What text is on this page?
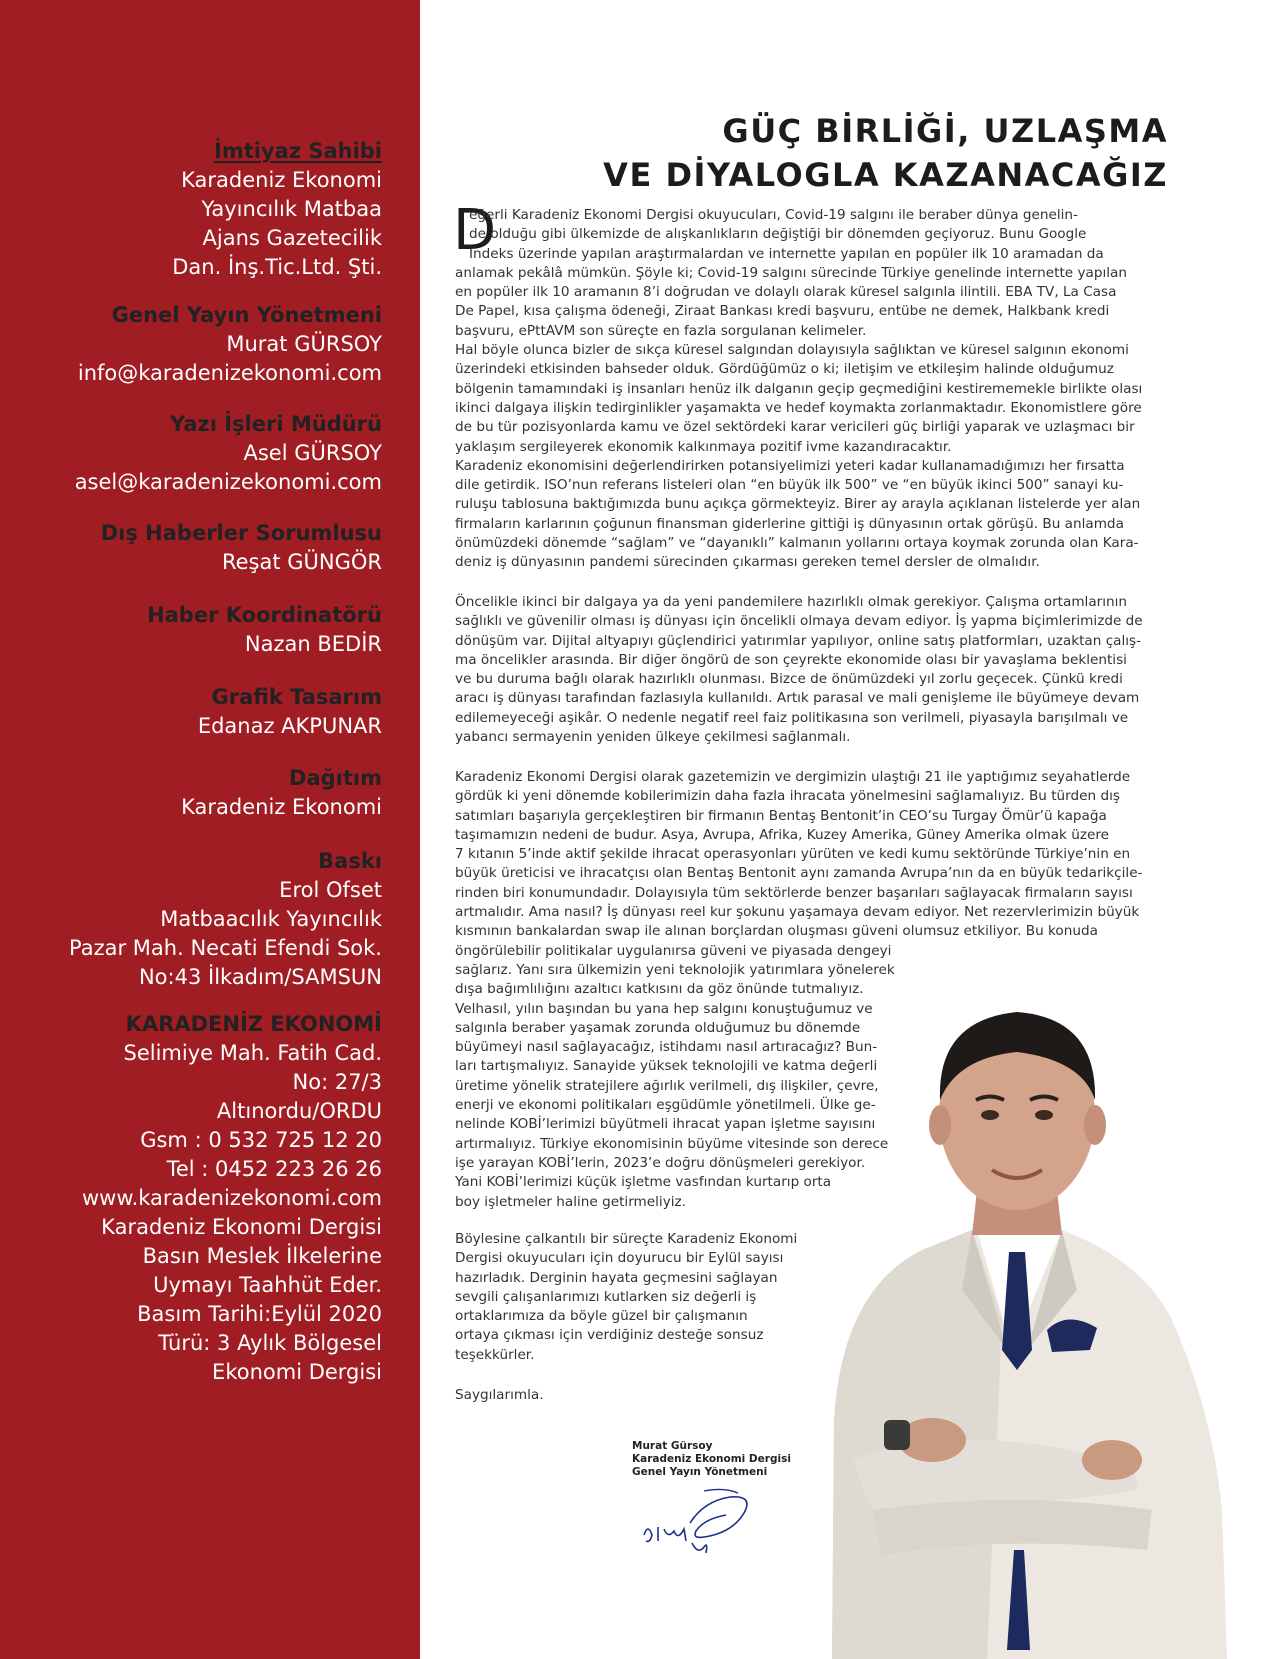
İmtiyaz Sahibi
Karadeniz Ekonomi
Yayıncılık Matbaa
Ajans Gazetecilik
Dan. İnş.Tic.Ltd. Şti.
Genel Yayın Yönetmeni
Murat GÜRSOY
info@karadenizekonomi.com
Yazı İşleri Müdürü
Asel GÜRSOY
asel@karadenizekonomi.com
Dış Haberler Sorumlusu
Reşat GÜNGÖR
Haber Koordinatörü
Nazan BEDİR
Grafik Tasarım
Edanaz AKPUNAR
Dağıtım
Karadeniz Ekonomi
Baskı
Erol Ofset
Matbaacılık Yayıncılık
Pazar Mah. Necati Efendi Sok.
No:43 İlkadım/SAMSUN
KARADENİZ EKONOMİ
Selimiye Mah. Fatih Cad.
No: 27/3
Altınordu/ORDU
Gsm : 0 532 725 12 20
Tel : 0452 223 26 26
www.karadenizekonomi.com
Karadeniz Ekonomi Dergisi
Basın Meslek İlkelerine
Uymayı Taahhüt Eder.
Basım Tarihi:Eylül 2020
Türü: 3 Aylık Bölgesel
Ekonomi Dergisi
GÜÇ BİRLİĞİ, UZLAŞMA
VE DİYALOGLA KAZANACAĞIZ
D
eğerli Karadeniz Ekonomi Dergisi okuyucuları, Covid-19 salgını ile beraber dünya genelin-
de olduğu gibi ülkemizde de alışkanlıkların değiştiği bir dönemden geçiyoruz. Bunu Google
İndeks üzerinde yapılan araştırmalardan ve internette yapılan en popüler ilk 10 aramadan da
anlamak pekâlâ mümkün. Şöyle ki; Covid-19 salgını sürecinde Türkiye genelinde internette yapılan
en popüler ilk 10 aramanın 8’i doğrudan ve dolaylı olarak küresel salgınla ilintili. EBA TV, La Casa
De Papel, kısa çalışma ödeneği, Ziraat Bankası kredi başvuru, entübe ne demek, Halkbank kredi
başvuru, ePttAVM son süreçte en fazla sorgulanan kelimeler.
Hal böyle olunca bizler de sıkça küresel salgından dolayısıyla sağlıktan ve küresel salgının ekonomi
üzerindeki etkisinden bahseder olduk. Gördüğümüz o ki; iletişim ve etkileşim halinde olduğumuz
bölgenin tamamındaki iş insanları henüz ilk dalganın geçip geçmediğini kestirememekle birlikte olası
ikinci dalgaya ilişkin tedirginlikler yaşamakta ve hedef koymakta zorlanmaktadır. Ekonomistlere göre
de bu tür pozisyonlarda kamu ve özel sektördeki karar vericileri güç birliği yaparak ve uzlaşmacı bir
yaklaşım sergileyerek ekonomik kalkınmaya pozitif ivme kazandıracaktır.
Karadeniz ekonomisini değerlendirirken potansiyelimizi yeteri kadar kullanamadığımızı her fırsatta
dile getirdik. ISO’nun referans listeleri olan “en büyük ilk 500” ve “en büyük ikinci 500” sanayi ku-
ruluşu tablosuna baktığımızda bunu açıkça görmekteyiz. Birer ay arayla açıklanan listelerde yer alan
firmaların karlarının çoğunun finansman giderlerine gittiği iş dünyasının ortak görüşü. Bu anlamda
önümüzdeki dönemde “sağlam” ve “dayanıklı” kalmanın yollarını ortaya koymak zorunda olan Kara-
deniz iş dünyasının pandemi sürecinden çıkarması gereken temel dersler de olmalıdır.
Öncelikle ikinci bir dalgaya ya da yeni pandemilere hazırlıklı olmak gerekiyor. Çalışma ortamlarının
sağlıklı ve güvenilir olması iş dünyası için öncelikli olmaya devam ediyor. İş yapma biçimlerimizde de
dönüşüm var. Dijital altyapıyı güçlendirici yatırımlar yapılıyor, online satış platformları, uzaktan çalış-
ma öncelikler arasında. Bir diğer öngörü de son çeyrekte ekonomide olası bir yavaşlama beklentisi
ve bu duruma bağlı olarak hazırlıklı olunması. Bizce de önümüzdeki yıl zorlu geçecek. Çünkü kredi
aracı iş dünyası tarafından fazlasıyla kullanıldı. Artık parasal ve mali genişleme ile büyümeye devam
edilemeyeceği aşikâr. O nedenle negatif reel faiz politikasına son verilmeli, piyasayla barışılmalı ve
yabancı sermayenin yeniden ülkeye çekilmesi sağlanmalı.
Karadeniz Ekonomi Dergisi olarak gazetemizin ve dergimizin ulaştığı 21 ile yaptığımız seyahatlerde
gördük ki yeni dönemde kobilerimizin daha fazla ihracata yönelmesini sağlamalıyız. Bu türden dış
satımları başarıyla gerçekleştiren bir firmanın Bentaş Bentonit’in CEO’su Turgay Ömür’ü kapağa
taşımamızın nedeni de budur. Asya, Avrupa, Afrika, Kuzey Amerika, Güney Amerika olmak üzere
7 kıtanın 5’inde aktif şekilde ihracat operasyonları yürüten ve kedi kumu sektöründe Türkiye’nin en
büyük üreticisi ve ihracatçısı olan Bentaş Bentonit aynı zamanda Avrupa’nın da en büyük tedarikçile-
rinden biri konumundadır. Dolayısıyla tüm sektörlerde benzer başarıları sağlayacak firmaların sayısı
artmalıdır. Ama nasıl? İş dünyası reel kur şokunu yaşamaya devam ediyor. Net rezervlerimizin büyük
kısmının bankalardan swap ile alınan borçlardan oluşması güveni olumsuz etkiliyor. Bu konuda
öngörülebilir politikalar uygulanırsa güveni ve piyasada dengeyi
sağlarız. Yanı sıra ülkemizin yeni teknolojik yatırımlara yönelerek
dışa bağımlılığını azaltıcı katkısını da göz önünde tutmalıyız.
Velhasıl, yılın başından bu yana hep salgını konuştuğumuz ve
salgınla beraber yaşamak zorunda olduğumuz bu dönemde
büyümeyi nasıl sağlayacağız, istihdamı nasıl artıracağız? Bun-
ları tartışmalıyız. Sanayide yüksek teknolojili ve katma değerli
üretime yönelik stratejilere ağırlık verilmeli, dış ilişkiler, çevre,
enerji ve ekonomi politikaları eşgüdümle yönetilmeli. Ülke ge-
nelinde KOBİ’lerimizi büyütmeli ihracat yapan işletme sayısını
artırmalıyız. Türkiye ekonomisinin büyüme vitesinde son derece
işe yarayan KOBİ’lerin, 2023’e doğru dönüşmeleri gerekiyor.
Yani KOBİ’lerimizi küçük işletme vasfından kurtarıp orta
boy işletmeler haline getirmeliyiz.
Böylesine çalkantılı bir süreçte Karadeniz Ekonomi
Dergisi okuyucuları için doyurucu bir Eylül sayısı
hazırladık. Derginin hayata geçmesini sağlayan
sevgili çalışanlarımızı kutlarken siz değerli iş
ortaklarımıza da böyle güzel bir çalışmanın
ortaya çıkması için verdiğiniz desteğe sonsuz
teşekkürler.
Saygılarımla.
Murat Gürsoy
Karadeniz Ekonomi Dergisi
Genel Yayın Yönetmeni
